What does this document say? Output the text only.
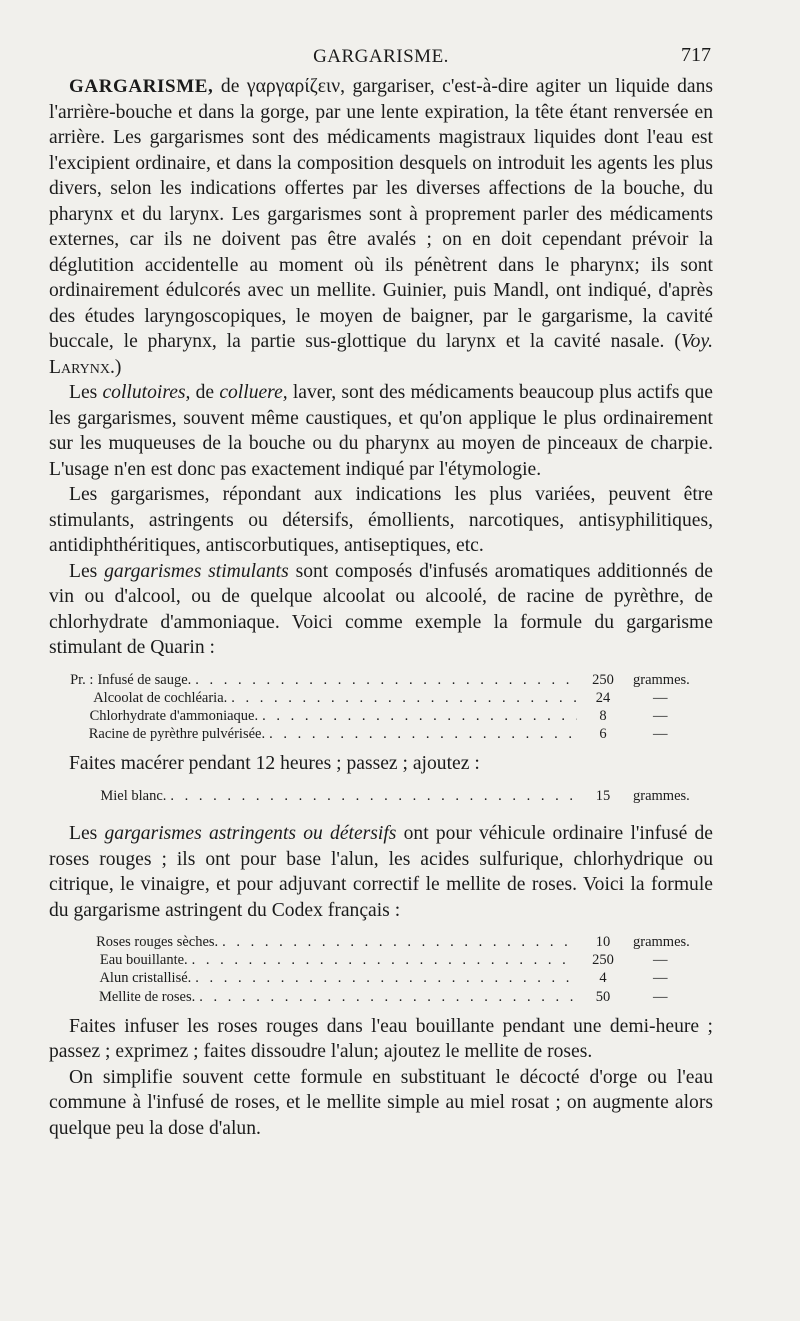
GARGARISME.	717

GARGARISME, de γαργαρίζειν, gargariser, c'est-à-dire agiter un liquide dans l'arrière-bouche et dans la gorge, par une lente expiration, la tête étant renversée en arrière. Les gargarismes sont des médicaments magistraux liquides dont l'eau est l'excipient ordinaire, et dans la composition desquels on introduit les agents les plus divers, selon les indications offertes par les diverses affections de la bouche, du pharynx et du larynx. Les gargarismes sont à proprement parler des médicaments externes, car ils ne doivent pas être avalés ; on en doit cependant prévoir la déglutition accidentelle au moment où ils pénètrent dans le pharynx; ils sont ordinairement édulcorés avec un mellite. Guinier, puis Mandl, ont indiqué, d'après des études laryngoscopiques, le moyen de baigner, par le gargarisme, la cavité buccale, le pharynx, la partie sus-glottique du larynx et la cavité nasale. (Voy. Larynx.)

Les collutoires, de colluere, laver, sont des médicaments beaucoup plus actifs que les gargarismes, souvent même caustiques, et qu'on applique le plus ordinairement sur les muqueuses de la bouche ou du pharynx au moyen de pinceaux de charpie. L'usage n'en est donc pas exactement indiqué par l'étymologie.

Les gargarismes, répondant aux indications les plus variées, peuvent être stimulants, astringents ou détersifs, émollients, narcotiques, antisyphilitiques, antidiphthéritiques, antiscorbutiques, antiseptiques, etc.

Les gargarismes stimulants sont composés d'infusés aromatiques additionnés de vin ou d'alcool, ou de quelque alcoolat ou alcoolé, de racine de pyrèthre, de chlorhydrate d'ammoniaque. Voici comme exemple la formule du gargarisme stimulant de Quarin :

Pr. : Infusé de sauge. . . .	250	grammes.
Alcoolat de cochléaria. . . .	24	—
Chlorhydrate d'ammoniaque. . . .	8	—
Racine de pyrèthre pulvérisée. . . .	6	—

Faites macérer pendant 12 heures ; passez ; ajoutez :

Miel blanc. . . .	15	grammes.

Les gargarismes astringents ou détersifs ont pour véhicule ordinaire l'infusé de roses rouges ; ils ont pour base l'alun, les acides sulfurique, chlorhydrique ou citrique, le vinaigre, et pour adjuvant correctif le mellite de roses. Voici la formule du gargarisme astringent du Codex français :

Roses rouges sèches. . . .	10	grammes.
Eau bouillante. . . .	250	—
Alun cristallisé. . . .	4	—
Mellite de roses. . . .	50	—

Faites infuser les roses rouges dans l'eau bouillante pendant une demi-heure ; passez ; exprimez ; faites dissoudre l'alun; ajoutez le mellite de roses.

On simplifie souvent cette formule en substituant le décocté d'orge ou l'eau commune à l'infusé de roses, et le mellite simple au miel rosat ; on augmente alors quelque peu la dose d'alun.
